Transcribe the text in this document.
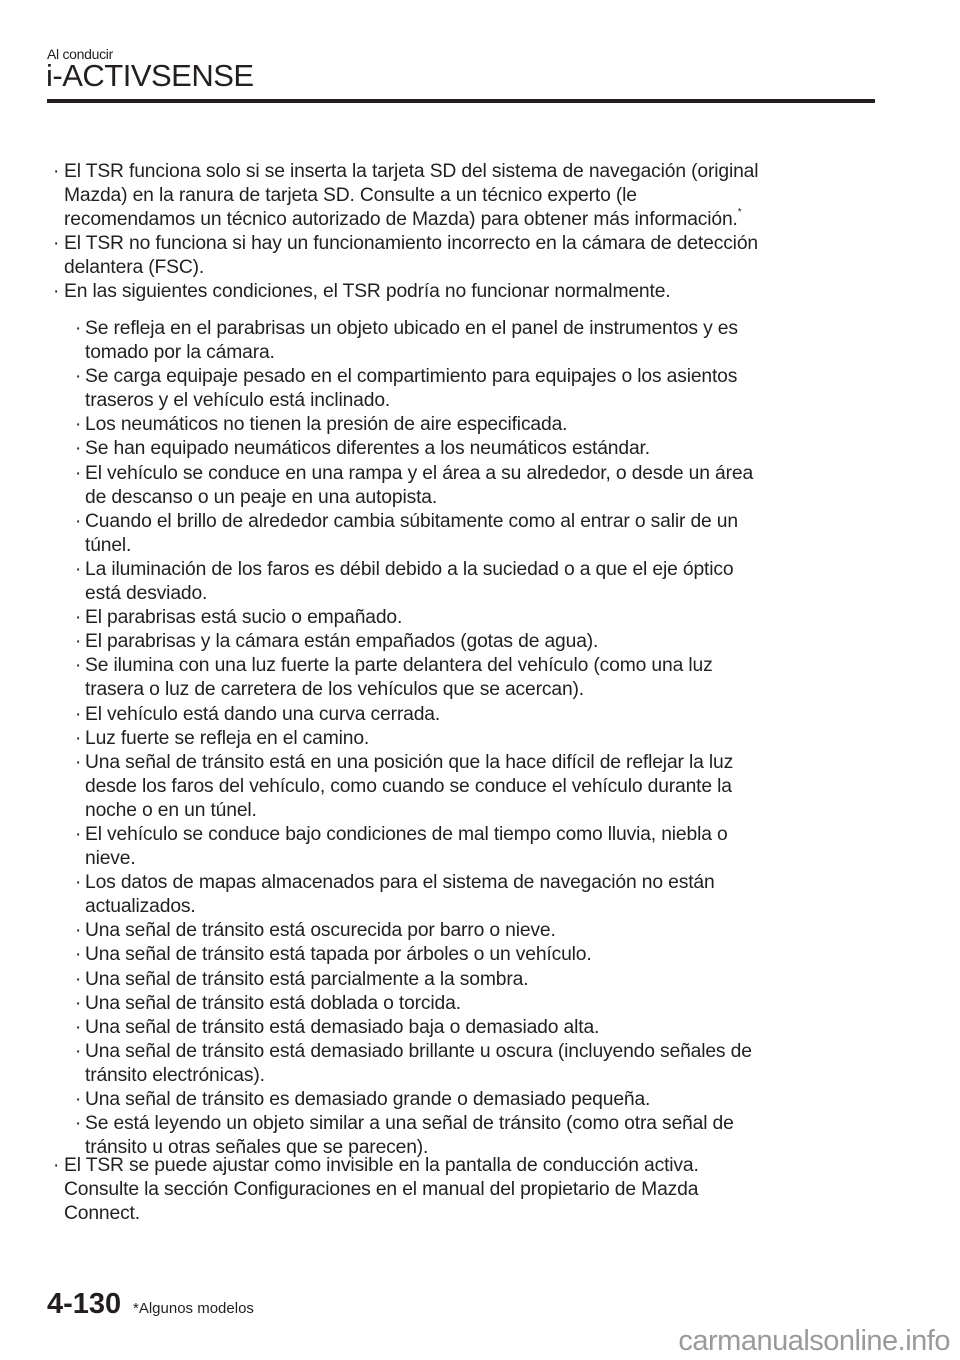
Al conducir
i-ACTIVSENSE
· El TSR funciona solo si se inserta la tarjeta SD del sistema de navegación (original
Mazda) en la ranura de tarjeta SD. Consulte a un técnico experto (le
recomendamos un técnico autorizado de Mazda) para obtener más información.*
· El TSR no funciona si hay un funcionamiento incorrecto en la cámara de detección
delantera (FSC).
· En las siguientes condiciones, el TSR podría no funcionar normalmente.
· Se refleja en el parabrisas un objeto ubicado en el panel de instrumentos y es
tomado por la cámara.
· Se carga equipaje pesado en el compartimiento para equipajes o los asientos
traseros y el vehículo está inclinado.
· Los neumáticos no tienen la presión de aire especificada.
· Se han equipado neumáticos diferentes a los neumáticos estándar.
· El vehículo se conduce en una rampa y el área a su alrededor, o desde un área
de descanso o un peaje en una autopista.
· Cuando el brillo de alrededor cambia súbitamente como al entrar o salir de un
túnel.
· La iluminación de los faros es débil debido a la suciedad o a que el eje óptico
está desviado.
· El parabrisas está sucio o empañado.
· El parabrisas y la cámara están empañados (gotas de agua).
· Se ilumina con una luz fuerte la parte delantera del vehículo (como una luz
trasera o luz de carretera de los vehículos que se acercan).
· El vehículo está dando una curva cerrada.
· Luz fuerte se refleja en el camino.
· Una señal de tránsito está en una posición que la hace difícil de reflejar la luz
desde los faros del vehículo, como cuando se conduce el vehículo durante la
noche o en un túnel.
· El vehículo se conduce bajo condiciones de mal tiempo como lluvia, niebla o
nieve.
· Los datos de mapas almacenados para el sistema de navegación no están
actualizados.
· Una señal de tránsito está oscurecida por barro o nieve.
· Una señal de tránsito está tapada por árboles o un vehículo.
· Una señal de tránsito está parcialmente a la sombra.
· Una señal de tránsito está doblada o torcida.
· Una señal de tránsito está demasiado baja o demasiado alta.
· Una señal de tránsito está demasiado brillante u oscura (incluyendo señales de
tránsito electrónicas).
· Una señal de tránsito es demasiado grande o demasiado pequeña.
· Se está leyendo un objeto similar a una señal de tránsito (como otra señal de
tránsito u otras señales que se parecen).
· El TSR se puede ajustar como invisible en la pantalla de conducción activa.
Consulte la sección Configuraciones en el manual del propietario de Mazda
Connect.
4-130 *Algunos modelos
carmanualsonline.info
